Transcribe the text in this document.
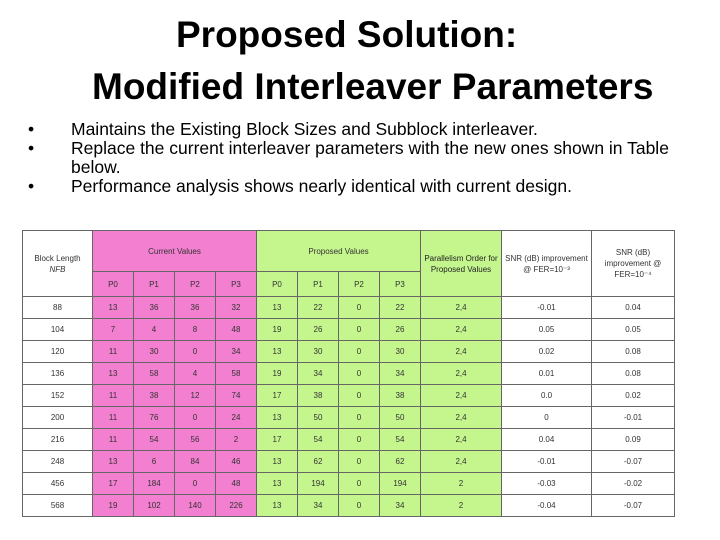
Proposed Solution:
Modified Interleaver Parameters
• Maintains the Existing Block Sizes and Subblock interleaver.
• Replace the current interleaver parameters with the new ones shown in Table below.
• Performance analysis shows nearly identical with current design.
Block Length
NFB	Current Values				Proposed Values				Parallelism Order for Proposed Values	SNR (dB) improvement @ FER=10⁻³	SNR (dB) improvement @ FER=10⁻⁴
	P0	P1	P2	P3	P0	P1	P2	P3			
88	13	36	36	32	13	22	0	22	2,4	-0.01	0.04
104	7	4	8	48	19	26	0	26	2,4	0.05	0.05
120	11	30	0	34	13	30	0	30	2,4	0.02	0.08
136	13	58	4	58	19	34	0	34	2,4	0.01	0.08
152	11	38	12	74	17	38	0	38	2,4	0.0	0.02
200	11	76	0	24	13	50	0	50	2,4	0	-0.01
216	11	54	56	2	17	54	0	54	2,4	0.04	0.09
248	13	6	84	46	13	62	0	62	2,4	-0.01	-0.07
456	17	184	0	48	13	194	0	194	2	-0.03	-0.02
568	19	102	140	226	13	34	0	34	2	-0.04	-0.07
